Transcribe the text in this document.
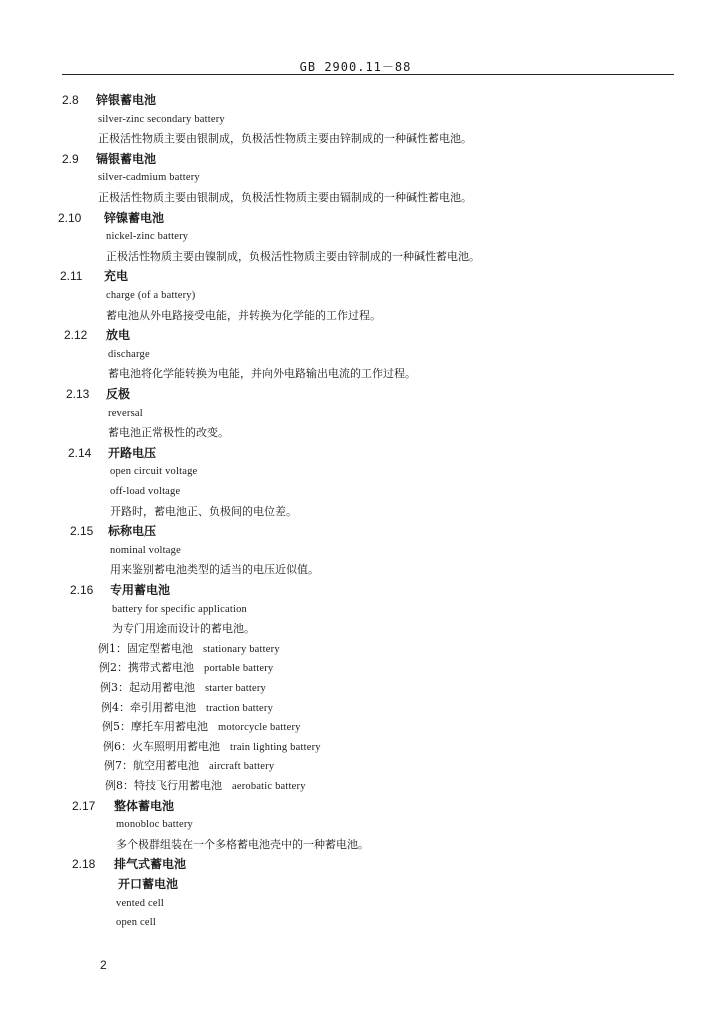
GB 2900.11－88
2.8 锌银蓄电池
silver-zinc secondary battery
正极活性物质主要由银制成，负极活性物质主要由锌制成的一种碱性蓄电池。
2.9 镉银蓄电池
silver-cadmium battery
正极活性物质主要由银制成，负极活性物质主要由镉制成的一种碱性蓄电池。
2.10 锌镍蓄电池
nickel-zinc battery
正极活性物质主要由镍制成，负极活性物质主要由锌制成的一种碱性蓄电池。
2.11 充电
charge (of a battery)
蓄电池从外电路接受电能，并转换为化学能的工作过程。
2.12 放电
discharge
蓄电池将化学能转换为电能，并向外电路输出电流的工作过程。
2.13 反极
reversal
蓄电池正常极性的改变。
2.14 开路电压
open circuit voltage
off-load voltage
开路时，蓄电池正、负极间的电位差。
2.15 标称电压
nominal voltage
用来鉴别蓄电池类型的适当的电压近似值。
2.16 专用蓄电池
battery for specific application
为专门用途而设计的蓄电池。
例1：固定型蓄电池 stationary battery
例2：携带式蓄电池 portable battery
例3：起动用蓄电池 starter battery
例4：牵引用蓄电池 traction battery
例5：摩托车用蓄电池 motorcycle battery
例6：火车照明用蓄电池 train lighting battery
例7：航空用蓄电池 aircraft battery
例8：特技飞行用蓄电池 aerobatic battery
2.17 整体蓄电池
monobloc battery
多个极群组装在一个多格蓄电池壳中的一种蓄电池。
2.18 排气式蓄电池
开口蓄电池
vented cell
open cell
2
